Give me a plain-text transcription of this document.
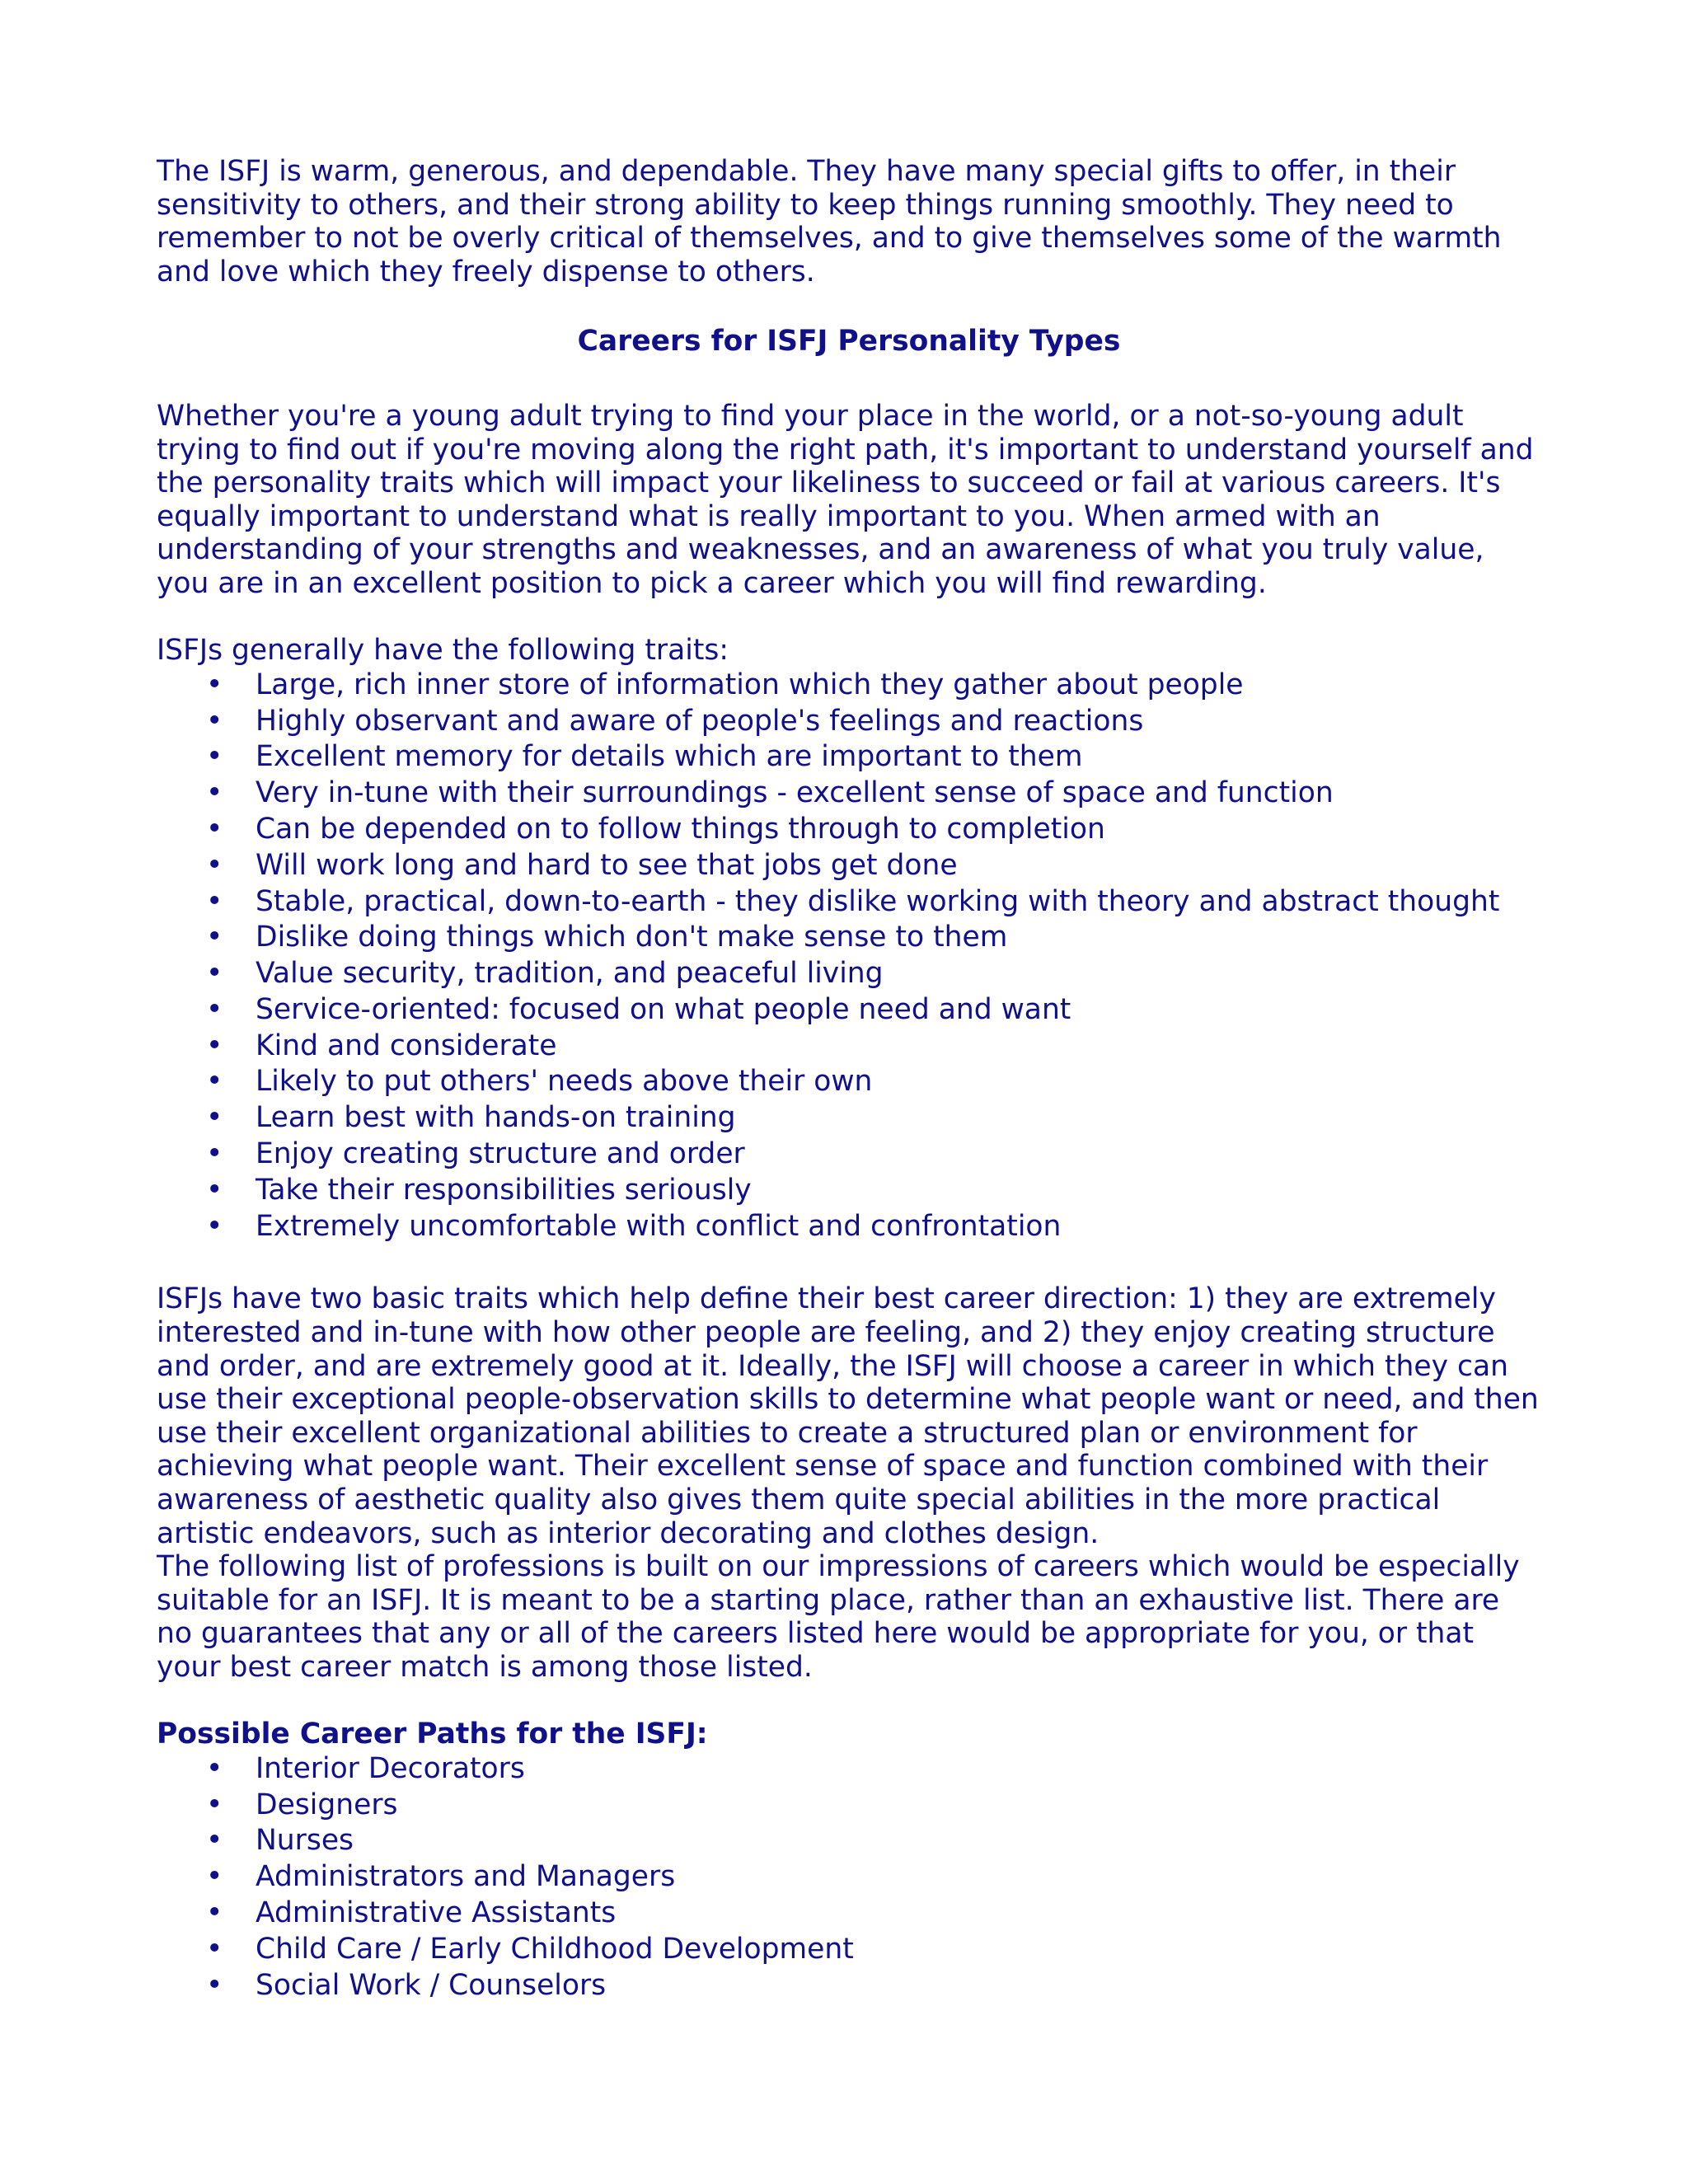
The ISFJ is warm, generous, and dependable. They have many special gifts to offer, in their sensitivity to others, and their strong ability to keep things running smoothly. They need to remember to not be overly critical of themselves, and to give themselves some of the warmth and love which they freely dispense to others.

Careers for ISFJ Personality Types

Whether you're a young adult trying to find your place in the world, or a not-so-young adult trying to find out if you're moving along the right path, it's important to understand yourself and the personality traits which will impact your likeliness to succeed or fail at various careers. It's equally important to understand what is really important to you. When armed with an understanding of your strengths and weaknesses, and an awareness of what you truly value, you are in an excellent position to pick a career which you will find rewarding.

ISFJs generally have the following traits:

• Large, rich inner store of information which they gather about people
• Highly observant and aware of people's feelings and reactions
• Excellent memory for details which are important to them
• Very in-tune with their surroundings - excellent sense of space and function
• Can be depended on to follow things through to completion
• Will work long and hard to see that jobs get done
• Stable, practical, down-to-earth - they dislike working with theory and abstract thought
• Dislike doing things which don't make sense to them
• Value security, tradition, and peaceful living
• Service-oriented: focused on what people need and want
• Kind and considerate
• Likely to put others' needs above their own
• Learn best with hands-on training
• Enjoy creating structure and order
• Take their responsibilities seriously
• Extremely uncomfortable with conflict and confrontation

ISFJs have two basic traits which help define their best career direction: 1) they are extremely interested and in-tune with how other people are feeling, and 2) they enjoy creating structure and order, and are extremely good at it. Ideally, the ISFJ will choose a career in which they can use their exceptional people-observation skills to determine what people want or need, and then use their excellent organizational abilities to create a structured plan or environment for achieving what people want. Their excellent sense of space and function combined with their awareness of aesthetic quality also gives them quite special abilities in the more practical artistic endeavors, such as interior decorating and clothes design.

The following list of professions is built on our impressions of careers which would be especially suitable for an ISFJ. It is meant to be a starting place, rather than an exhaustive list. There are no guarantees that any or all of the careers listed here would be appropriate for you, or that your best career match is among those listed.

Possible Career Paths for the ISFJ:

• Interior Decorators
• Designers
• Nurses
• Administrators and Managers
• Administrative Assistants
• Child Care / Early Childhood Development
• Social Work / Counselors
